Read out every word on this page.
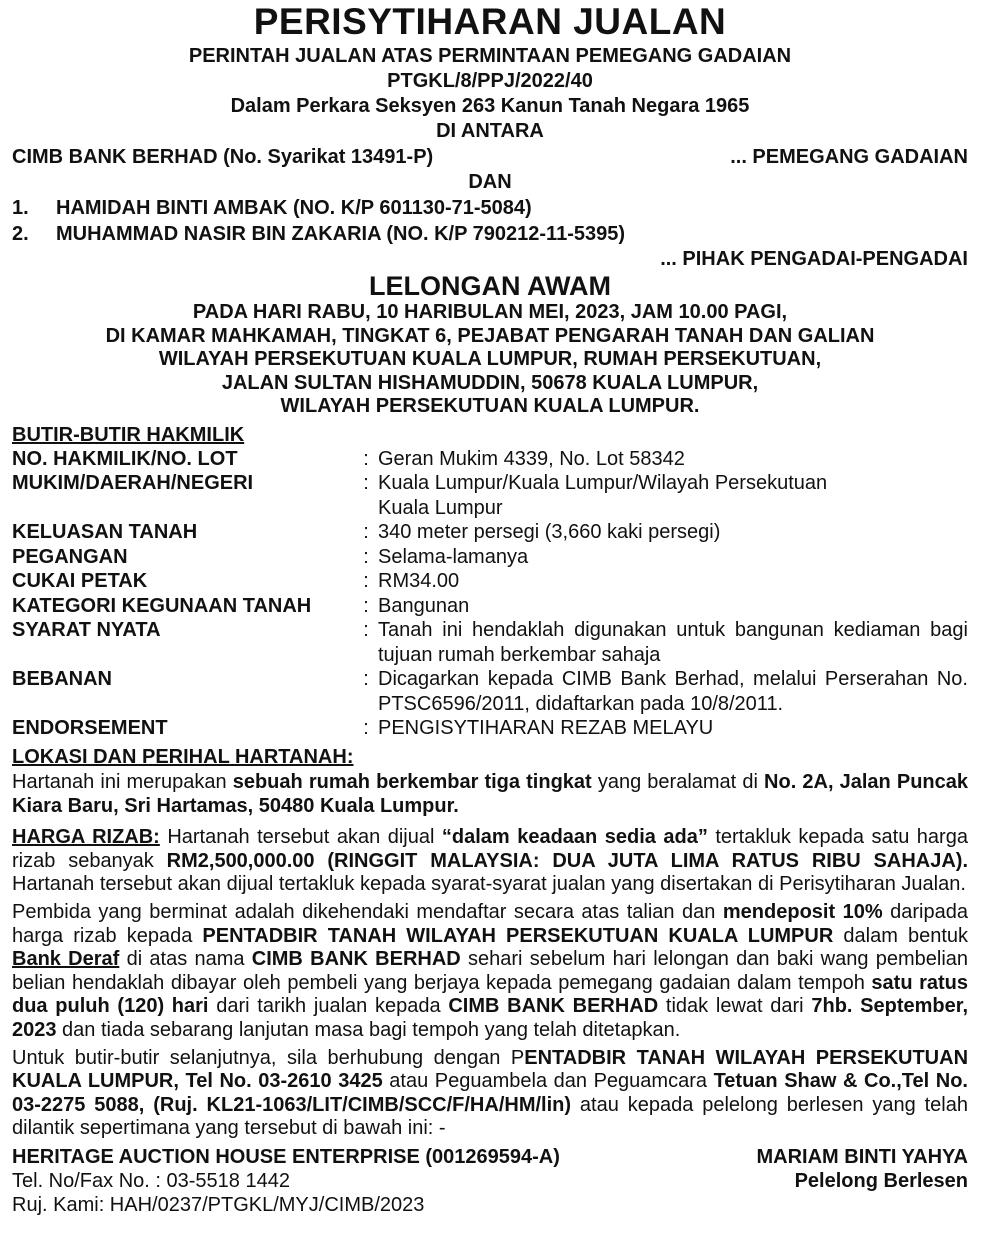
PERISYTIHARAN JUALAN
PERINTAH JUALAN ATAS PERMINTAAN PEMEGANG GADAIAN
PTGKL/8/PPJ/2022/40
Dalam Perkara Seksyen 263 Kanun Tanah Negara 1965
DI ANTARA
CIMB BANK BERHAD (No. Syarikat 13491-P)	... PEMEGANG GADAIAN
DAN
1.	HAMIDAH BINTI AMBAK (NO. K/P 601130-71-5084)
2.	MUHAMMAD NASIR BIN ZAKARIA (NO. K/P 790212-11-5395)
... PIHAK PENGADAI-PENGADAI
LELONGAN AWAM
PADA HARI RABU, 10 HARIBULAN MEI, 2023, JAM 10.00 PAGI,
DI KAMAR MAHKAMAH, TINGKAT 6, PEJABAT PENGARAH TANAH DAN GALIAN
WILAYAH PERSEKUTUAN KUALA LUMPUR, RUMAH PERSEKUTUAN,
JALAN SULTAN HISHAMUDDIN, 50678 KUALA LUMPUR,
WILAYAH PERSEKUTUAN KUALA LUMPUR.
BUTIR-BUTIR HAKMILIK
NO. HAKMILIK/NO. LOT	:	Geran Mukim 4339, No. Lot 58342
MUKIM/DAERAH/NEGERI	:	Kuala Lumpur/Kuala Lumpur/Wilayah Persekutuan Kuala Lumpur
KELUASAN TANAH	:	340 meter persegi (3,660 kaki persegi)
PEGANGAN	:	Selama-lamanya
CUKAI PETAK	:	RM34.00
KATEGORI KEGUNAAN TANAH	:	Bangunan
SYARAT NYATA	:	Tanah ini hendaklah digunakan untuk bangunan kediaman bagi tujuan rumah berkembar sahaja
BEBANAN	:	Dicagarkan kepada CIMB Bank Berhad, melalui Perserahan No. PTSC6596/2011, didaftarkan pada 10/8/2011.
ENDORSEMENT	:	PENGISYTIHARAN REZAB MELAYU
LOKASI DAN PERIHAL HARTANAH:
Hartanah ini merupakan sebuah rumah berkembar tiga tingkat yang beralamat di No. 2A, Jalan Puncak Kiara Baru, Sri Hartamas, 50480 Kuala Lumpur.
HARGA RIZAB: Hartanah tersebut akan dijual “dalam keadaan sedia ada” tertakluk kepada satu harga rizab sebanyak RM2,500,000.00 (RINGGIT MALAYSIA: DUA JUTA LIMA RATUS RIBU SAHAJA). Hartanah tersebut akan dijual tertakluk kepada syarat-syarat jualan yang disertakan di Perisytiharan Jualan.
Pembida yang berminat adalah dikehendaki mendaftar secara atas talian dan mendeposit 10% daripada harga rizab kepada PENTADBIR TANAH WILAYAH PERSEKUTUAN KUALA LUMPUR dalam bentuk Bank Deraf di atas nama CIMB BANK BERHAD sehari sebelum hari lelongan dan baki wang pembelian belian hendaklah dibayar oleh pembeli yang berjaya kepada pemegang gadaian dalam tempoh satu ratus dua puluh (120) hari dari tarikh jualan kepada CIMB BANK BERHAD tidak lewat dari 7hb. September, 2023 dan tiada sebarang lanjutan masa bagi tempoh yang telah ditetapkan.
Untuk butir-butir selanjutnya, sila berhubung dengan PENTADBIR TANAH WILAYAH PERSEKUTUAN KUALA LUMPUR, Tel No. 03-2610 3425 atau Peguambela dan Peguamcara Tetuan Shaw & Co.,Tel No. 03-2275 5088, (Ruj. KL21-1063/LIT/CIMB/SCC/F/HA/HM/lin) atau kepada pelelong berlesen yang telah dilantik sepertimana yang tersebut di bawah ini: -
HERITAGE AUCTION HOUSE ENTERPRISE (001269594-A)
Tel. No/Fax No. : 03-5518 1442
Ruj. Kami: HAH/0237/PTGKL/MYJ/CIMB/2023
MARIAM BINTI YAHYA
Pelelong Berlesen
